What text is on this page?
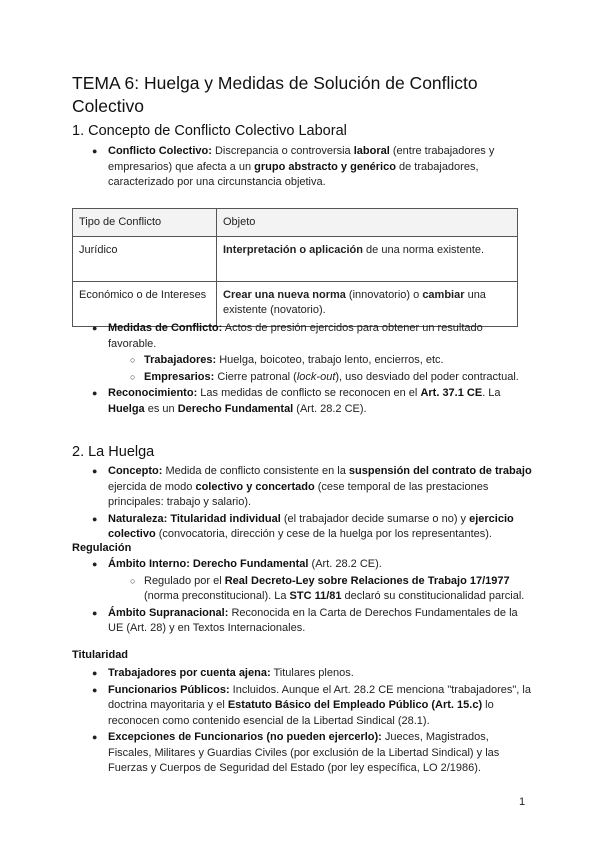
TEMA 6: Huelga y Medidas de Solución de Conflicto Colectivo
1. Concepto de Conflicto Colectivo Laboral
● Conflicto Colectivo: Discrepancia o controversia laboral (entre trabajadores y empresarios) que afecta a un grupo abstracto y genérico de trabajadores, caracterizado por una circunstancia objetiva.
Tipo de Conflicto	Objeto
Jurídico	Interpretación o aplicación de una norma existente.
Económico o de Intereses	Crear una nueva norma (innovatorio) o cambiar una existente (novatorio).
● Medidas de Conflicto: Actos de presión ejercidos para obtener un resultado favorable.
○ Trabajadores: Huelga, boicoteo, trabajo lento, encierros, etc.
○ Empresarios: Cierre patronal (lock-out), uso desviado del poder contractual.
● Reconocimiento: Las medidas de conflicto se reconocen en el Art. 37.1 CE. La Huelga es un Derecho Fundamental (Art. 28.2 CE).
2. La Huelga
● Concepto: Medida de conflicto consistente en la suspensión del contrato de trabajo ejercida de modo colectivo y concertado (cese temporal de las prestaciones principales: trabajo y salario).
● Naturaleza: Titularidad individual (el trabajador decide sumarse o no) y ejercicio colectivo (convocatoria, dirección y cese de la huelga por los representantes).
Regulación
● Ámbito Interno: Derecho Fundamental (Art. 28.2 CE).
○ Regulado por el Real Decreto-Ley sobre Relaciones de Trabajo 17/1977 (norma preconstitucional). La STC 11/81 declaró su constitucionalidad parcial.
● Ámbito Supranacional: Reconocida en la Carta de Derechos Fundamentales de la UE (Art. 28) y en Textos Internacionales.
Titularidad
● Trabajadores por cuenta ajena: Titulares plenos.
● Funcionarios Públicos: Incluidos. Aunque el Art. 28.2 CE menciona "trabajadores", la doctrina mayoritaria y el Estatuto Básico del Empleado Público (Art. 15.c) lo reconocen como contenido esencial de la Libertad Sindical (28.1).
● Excepciones de Funcionarios (no pueden ejercerlo): Jueces, Magistrados, Fiscales, Militares y Guardias Civiles (por exclusión de la Libertad Sindical) y las Fuerzas y Cuerpos de Seguridad del Estado (por ley específica, LO 2/1986).
1
